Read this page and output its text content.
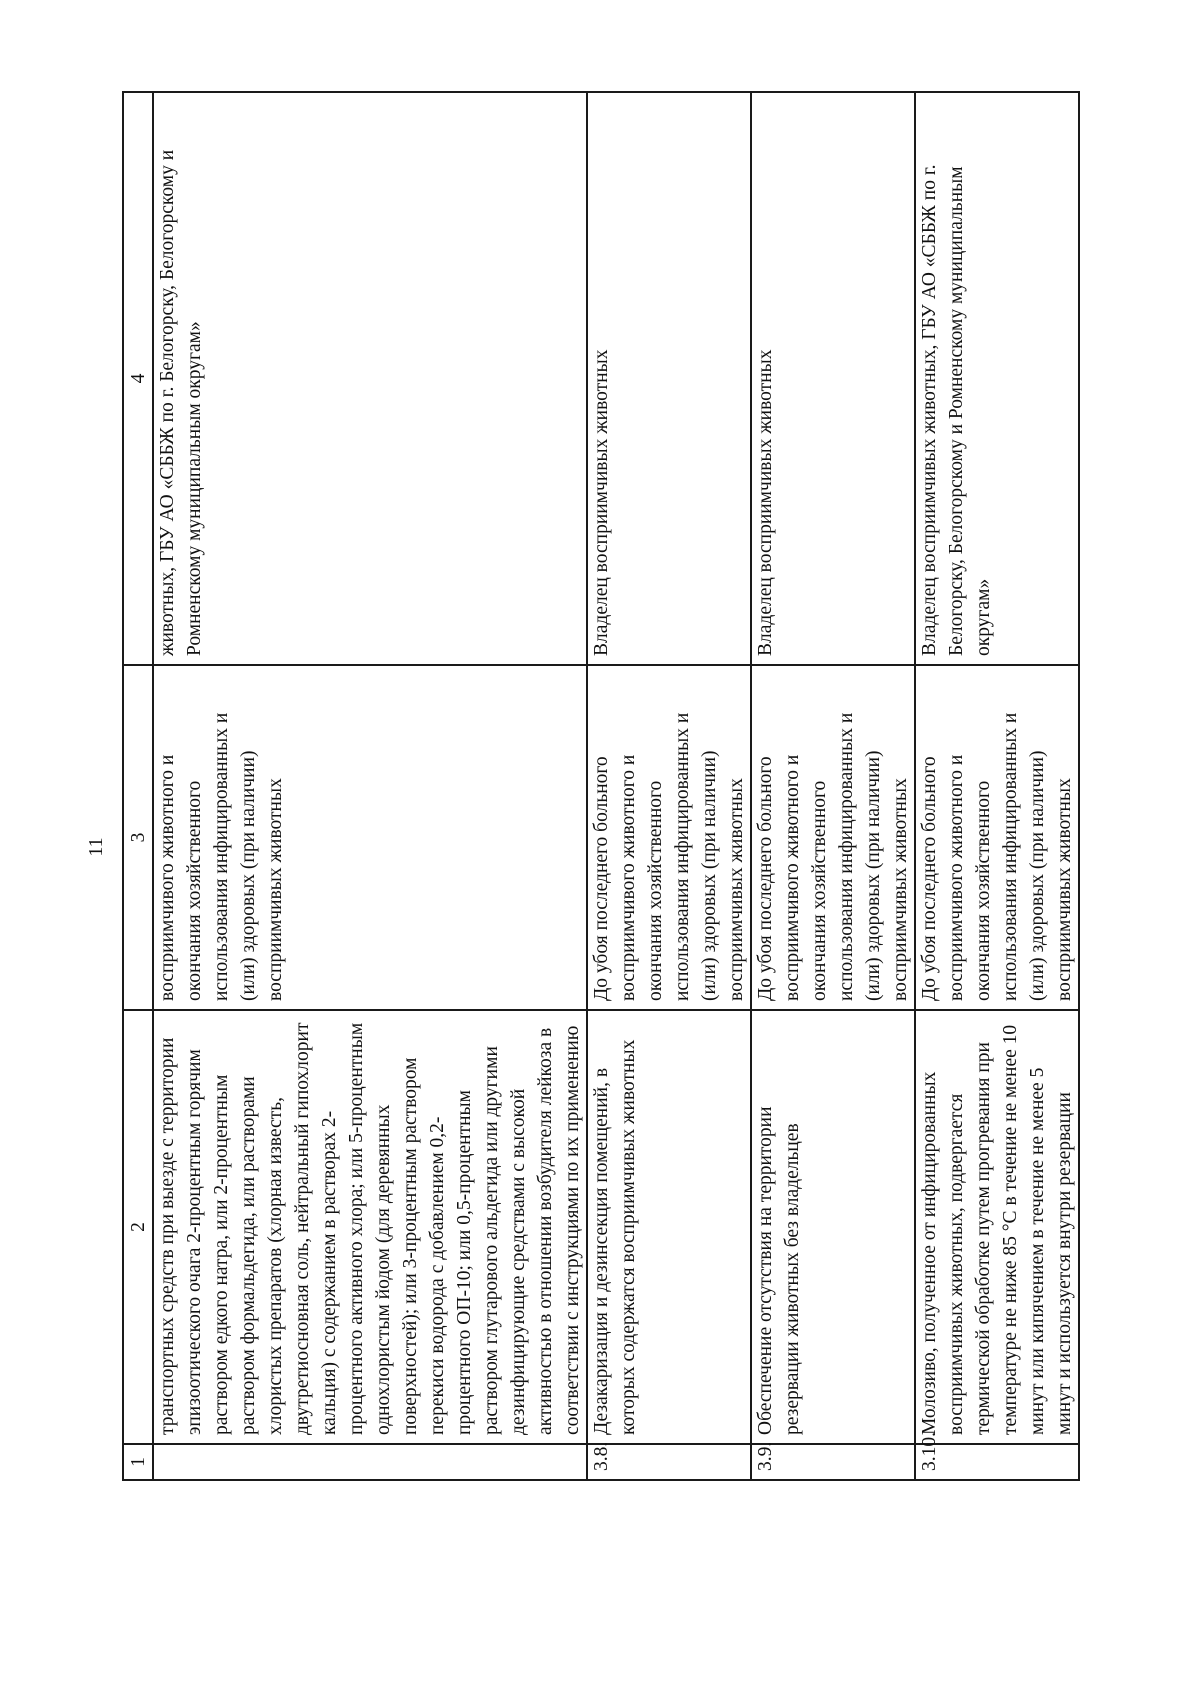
11
1	2	3	4

	транспортных средств при выезде с территории эпизоотического очага 2-процентным горячим раствором едкого натра, или 2-процентным раствором формальдегида, или растворами хлористых препаратов (хлорная известь, двутретиосновная соль, нейтральный гипохлорит кальция) с содержанием в растворах 2-процентного активного хлора; или 5-процентным однохлористым йодом (для деревянных поверхностей); или 3-процентным раствором перекиси водорода с добавлением 0,2-процентного ОП-10; или 0,5-процентным раствором глутарового альдегида или другими дезинфицирующие средствами с высокой активностью в отношении возбудителя лейкоза в соответствии с инструкциями по их применению	восприимчивого животного и окончания хозяйственного использования инфицированных и (или) здоровых (при наличии) восприимчивых животных	животных, ГБУ АО «СББЖ по г. Белогорску, Белогорскому и Ромненскому муниципальным округам»

3.8.	Дезакаризация и дезинсекция помещений, в которых содержатся восприимчивых животных	До убоя последнего больного восприимчивого животного и окончания хозяйственного использования инфицированных и (или) здоровых (при наличии) восприимчивых животных	Владелец восприимчивых животных

3.9.	Обеспечение отсутствия на территории резервации животных без владельцев	До убоя последнего больного восприимчивого животного и окончания хозяйственного использования инфицированных и (или) здоровых (при наличии) восприимчивых животных	Владелец восприимчивых животных

3.10.	Молозиво, полученное от инфицированных восприимчивых животных, подвергается термической обработке путем прогревания при температуре не ниже 85 °С в течение не менее 10 минут или кипячением в течение не менее 5 минут и используется внутри резервации	До убоя последнего больного восприимчивого животного и окончания хозяйственного использования инфицированных и (или) здоровых (при наличии) восприимчивых животных	Владелец восприимчивых животных, ГБУ АО «СББЖ по г. Белогорску, Белогорскому и Ромненскому муниципальным округам»
